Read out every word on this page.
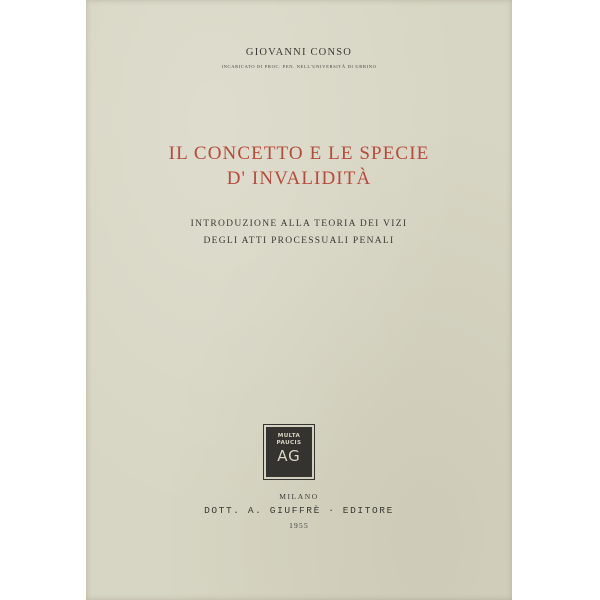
GIOVANNI CONSO
INCARICATO DI PROC. PEN. NELL'UNIVERSITÀ DI URBINO
IL CONCETTO E LE SPECIE
D' INVALIDITÀ
INTRODUZIONE ALLA TEORIA DEI VIZI
DEGLI ATTI PROCESSUALI PENALI
MULTA
PAUCIS
AG
MILANO
DOTT. A. GIUFFRÈ · EDITORE
1955
